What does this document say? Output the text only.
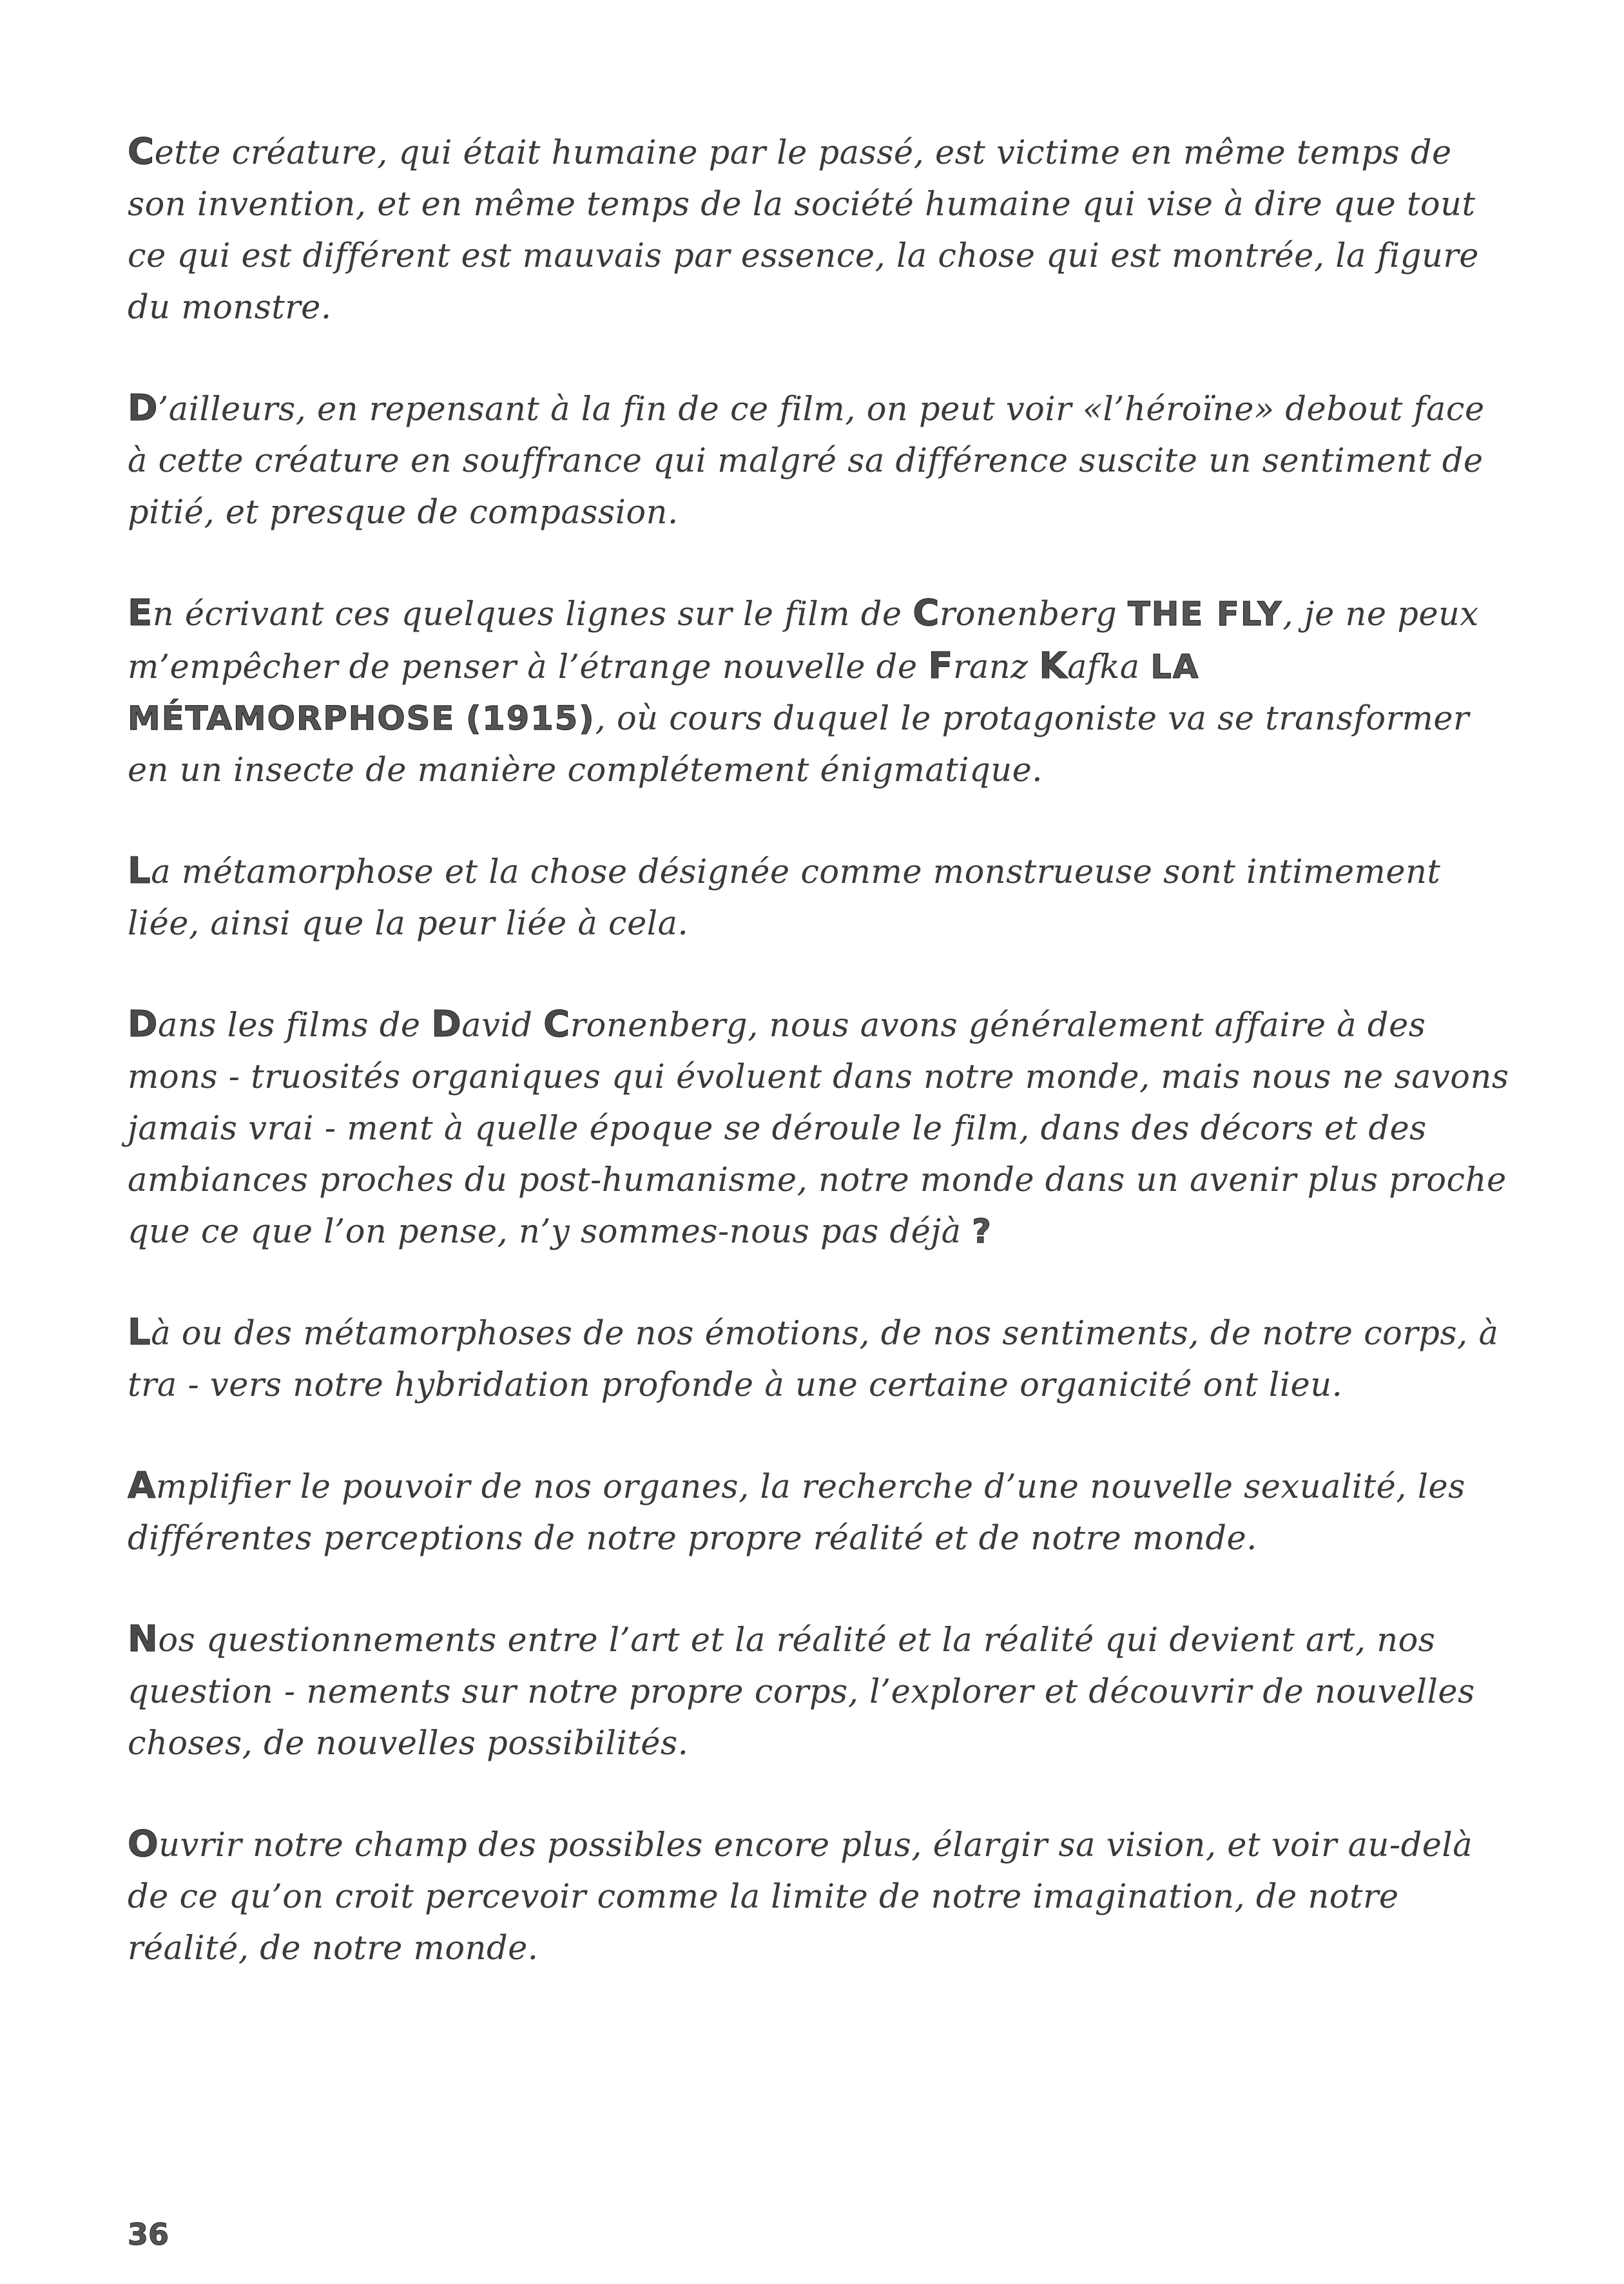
Cette créature, qui était humaine par le passé, est victime en même temps de son invention, et en même temps de la société humaine qui vise à dire que tout ce qui est différent est mauvais par essence, la chose qui est montrée, la figure du monstre.

D’ailleurs, en repensant à la fin de ce film, on peut voir «l’héroïne» debout face à cette créature en souffrance qui malgré sa différence suscite un sentiment de pitié, et presque de compassion.

En écrivant ces quelques lignes sur le film de Cronenberg THE FLY, je ne peux m’empêcher de penser à l’étrange nouvelle de Franz Kafka LA MÉTAMORPHOSE (1915), où cours duquel le protagoniste va se transformer en un insecte de manière complétement énigmatique.

La métamorphose et la chose désignée comme monstrueuse sont intimement liée, ainsi que la peur liée à cela.

Dans les films de David Cronenberg, nous avons généralement affaire à des mons - truosités organiques qui évoluent dans notre monde, mais nous ne savons jamais vrai - ment à quelle époque se déroule le film, dans des décors et des ambiances proches du post-humanisme, notre monde dans un avenir plus proche que ce que l’on pense, n’y sommes-nous pas déjà ?

Là ou des métamorphoses de nos émotions, de nos sentiments, de notre corps, à tra - vers notre hybridation profonde à une certaine organicité ont lieu.

Amplifier le pouvoir de nos organes, la recherche d’une nouvelle sexualité, les différentes perceptions de notre propre réalité et de notre monde.

Nos questionnements entre l’art et la réalité et la réalité qui devient art, nos question - nements sur notre propre corps, l’explorer et découvrir de nouvelles choses, de nouvelles possibilités.

Ouvrir notre champ des possibles encore plus, élargir sa vision, et voir au-delà de ce qu’on croit percevoir comme la limite de notre imagination, de notre réalité, de notre monde.

36
